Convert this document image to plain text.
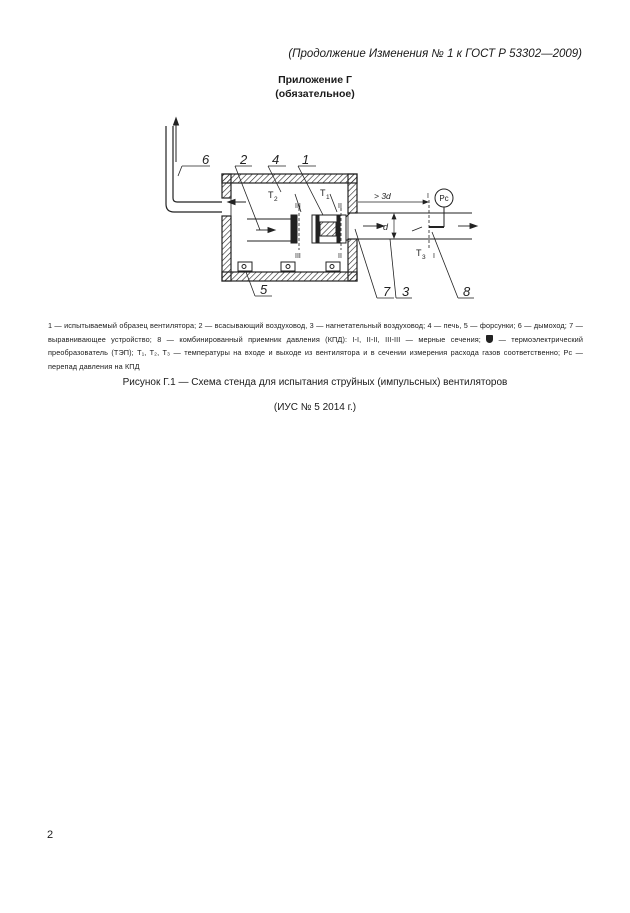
(Продолжение Изменения № 1 к ГОСТ Р 53302—2009)
Приложение Г
(обязательное)
6 2 4 1
5	7 3	8
T 2
T 1
T 3
> 3d
d
Pc
III
III
II
II
I
I
1 — испытываемый образец вентилятора; 2 — всасывающий воздуховод, 3 — нагнетательный воздуховод; 4 — печь, 5 — форсунки; 6 — дымоход; 7 — выравнивающее устройство; 8 — комбинированный приемник давления (КПД): I-I, II-II, III-III — мерные сечения; — термоэлектрический преобразователь (ТЭП); T₁, T₂, T₃ — температуры на входе и выходе из вентилятора и в сечении измерения расхода газов соответственно; Pc — перепад давления на КПД
Рисунок Г.1 — Схема стенда для испытания струйных (импульсных) вентиляторов
(ИУС № 5 2014 г.)
2
